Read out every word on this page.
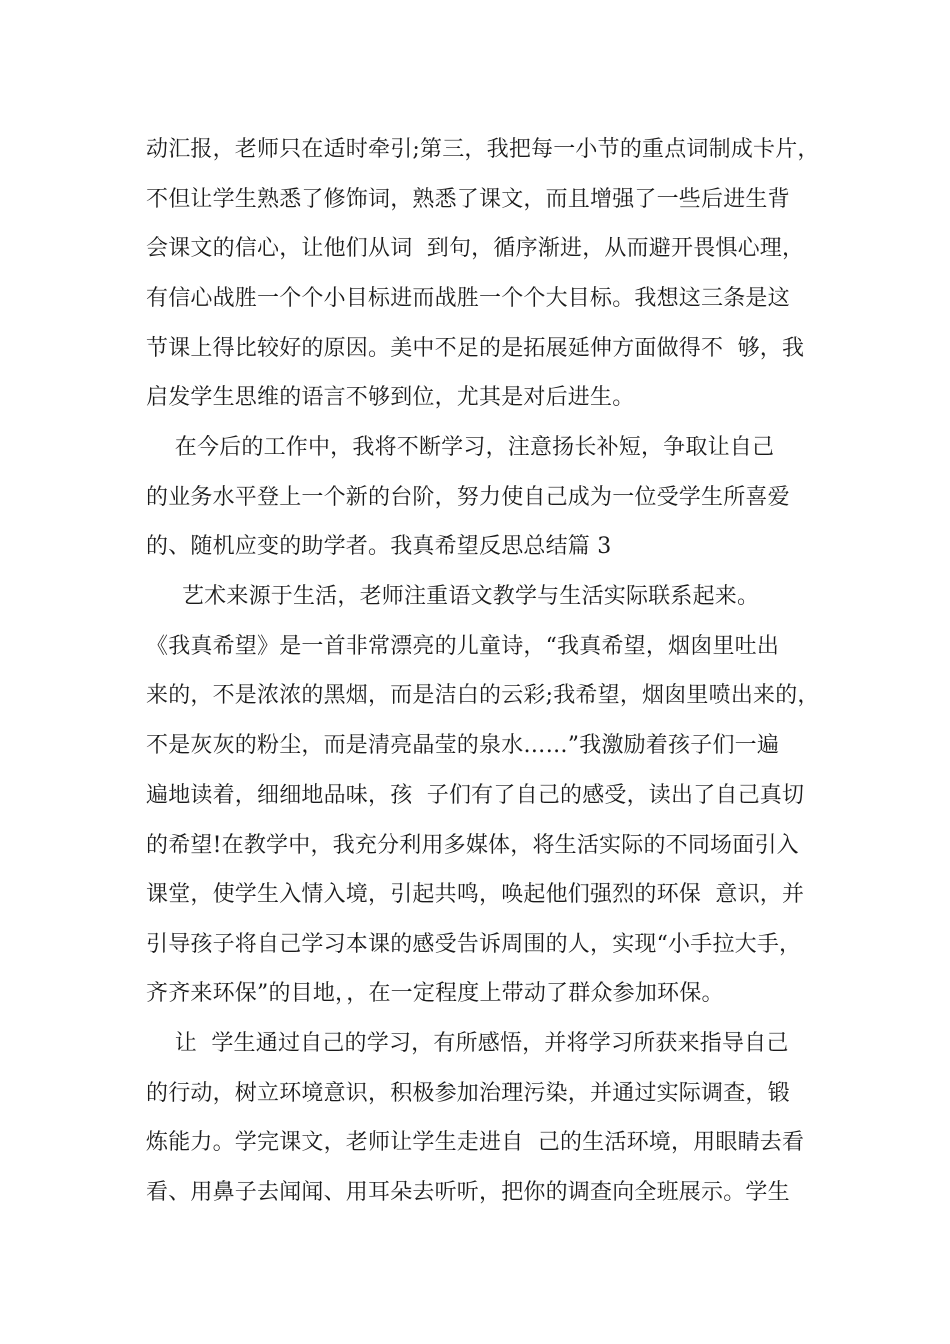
动汇报，老师只在适时牵引;第三，我把每一小节的重点词制成卡片，
不但让学生熟悉了修饰词，熟悉了课文，而且增强了一些后进生背
会课文的信心，让他们从词  到句，循序渐进，从而避开畏惧心理，
有信心战胜一个个小目标进而战胜一个个大目标。我想这三条是这
节课上得比较好的原因。美中不足的是拓展延伸方面做得不  够，我
启发学生思维的语言不够到位，尤其是对后进生。
在今后的工作中，我将不断学习，注意扬长补短，争取让自己
的业务水平登上一个新的台阶，努力使自己成为一位受学生所喜爱
的、随机应变的助学者。我真希望反思总结篇 3
艺术来源于生活，老师注重语文教学与生活实际联系起来。
《我真希望》是一首非常漂亮的儿童诗，“我真希望，烟囱里吐出
来的，不是浓浓的黑烟，而是洁白的云彩;我希望，烟囱里喷出来的，
不是灰灰的粉尘，而是清亮晶莹的泉水……”我激励着孩子们一遍
遍地读着，细细地品味，孩  子们有了自己的感受，读出了自己真切
的希望!在教学中，我充分利用多媒体，将生活实际的不同场面引入
课堂，使学生入情入境，引起共鸣，唤起他们强烈的环保  意识，并
引导孩子将自己学习本课的感受告诉周围的人，实现“小手拉大手，
齐齐来环保”的目地，，在一定程度上带动了群众参加环保。
让  学生通过自己的学习，有所感悟，并将学习所获来指导自己
的行动，树立环境意识，积极参加治理污染，并通过实际调查，锻
炼能力。学完课文，老师让学生走进自  己的生活环境，用眼睛去看
看、用鼻子去闻闻、用耳朵去听听，把你的调查向全班展示。学生
